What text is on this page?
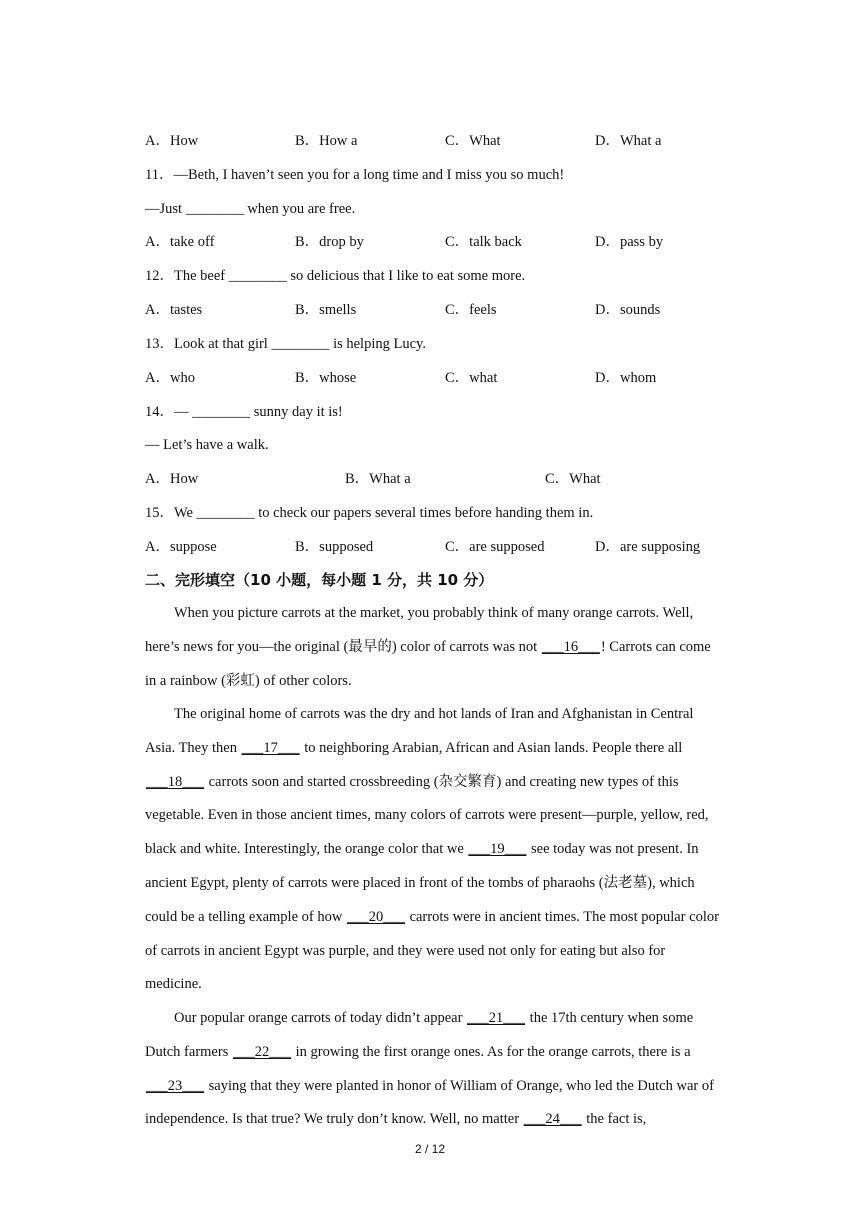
A．How	B．How a	C．What	D．What a
11．—Beth, I haven’t seen you for a long time and I miss you so much!
—Just ________ when you are free.
A．take off	B．drop by	C．talk back	D．pass by
12．The beef ________ so delicious that I like to eat some more.
A．tastes	B．smells	C．feels	D．sounds
13．Look at that girl ________ is helping Lucy.
A．who	B．whose	C．what	D．whom
14．— ________ sunny day it is!
— Let’s have a walk.
A．How	B．What a	C．What
15．We ________ to check our papers several times before handing them in.
A．suppose	B．supposed	C．are supposed	D．are supposing
二、完形填空（10 小题，每小题 1 分，共 10 分）
When you picture carrots at the market, you probably think of many orange carrots. Well, here’s news for you—the original (最早的) color of carrots was not ___16___! Carrots can come in a rainbow (彩虹) of other colors.
The original home of carrots was the dry and hot lands of Iran and Afghanistan in Central Asia. They then ___17___ to neighboring Arabian, African and Asian lands. People there all ___18___ carrots soon and started crossbreeding (杂交繁育) and creating new types of this vegetable. Even in those ancient times, many colors of carrots were present—purple, yellow, red, black and white. Interestingly, the orange color that we ___19___ see today was not present. In ancient Egypt, plenty of carrots were placed in front of the tombs of pharaohs (法老墓), which could be a telling example of how ___20___ carrots were in ancient times. The most popular color of carrots in ancient Egypt was purple, and they were used not only for eating but also for medicine.
Our popular orange carrots of today didn’t appear ___21___ the 17th century when some Dutch farmers ___22___ in growing the first orange ones. As for the orange carrots, there is a ___23___ saying that they were planted in honor of William of Orange, who led the Dutch war of independence. Is that true? We truly don’t know. Well, no matter ___24___ the fact is,
2 / 12
